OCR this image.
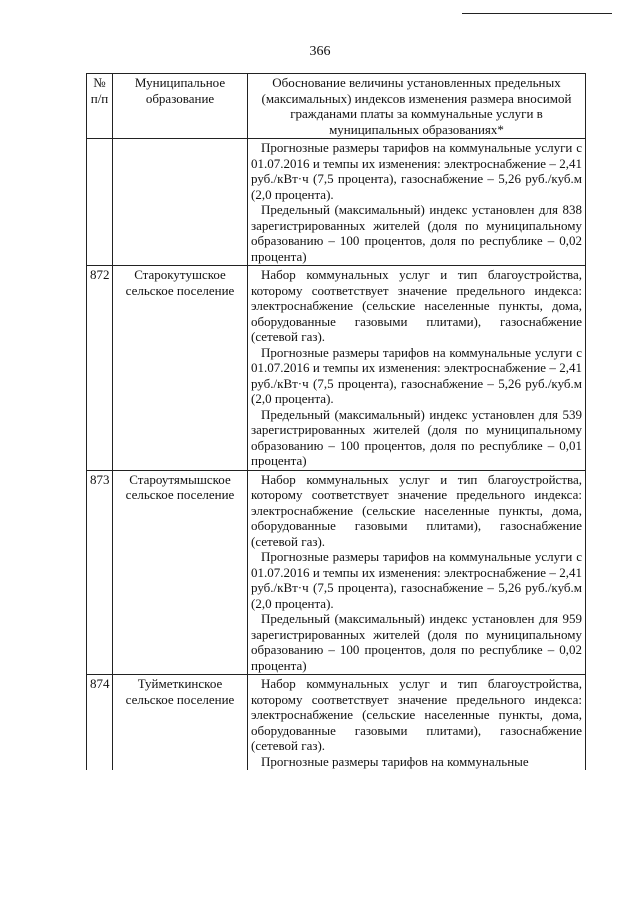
366
№ п/п	Муниципальное образование	Обоснование величины установленных предельных (максимальных) индексов изменения размера вносимой гражданами платы за коммунальные услуги в муниципальных образованиях*

		Прогнозные размеры тарифов на коммунальные услуги с 01.07.2016 и темпы их изменения: электроснабжение – 2,41 руб./кВт·ч (7,5 процента), газоснабжение – 5,26 руб./куб.м (2,0 процента).

Предельный (максимальный) индекс установлен для 838 зарегистрированных жителей (доля по муниципальному образованию – 100 процентов, доля по республике – 0,02 процента)

872	Старокутушское сельское поселение	Набор коммунальных услуг и тип благоустройства, которому соответствует значение предельного индекса: электроснабжение (сельские населенные пункты, дома, оборудованные газовыми плитами), газоснабжение (сетевой газ).

Прогнозные размеры тарифов на коммунальные услуги с 01.07.2016 и темпы их изменения: электроснабжение – 2,41 руб./кВт·ч (7,5 процента), газоснабжение – 5,26 руб./куб.м (2,0 процента).

Предельный (максимальный) индекс установлен для 539 зарегистрированных жителей (доля по муниципальному образованию – 100 процентов, доля по республике – 0,01 процента)

873	Староутямышское сельское поселение	Набор коммунальных услуг и тип благоустройства, которому соответствует значение предельного индекса: электроснабжение (сельские населенные пункты, дома, оборудованные газовыми плитами), газоснабжение (сетевой газ).

Прогнозные размеры тарифов на коммунальные услуги с 01.07.2016 и темпы их изменения: электроснабжение – 2,41 руб./кВт·ч (7,5 процента), газоснабжение – 5,26 руб./куб.м (2,0 процента).

Предельный (максимальный) индекс установлен для 959 зарегистрированных жителей (доля по муниципальному образованию – 100 процентов, доля по республике – 0,02 процента)

874	Туйметкинское сельское поселение	Набор коммунальных услуг и тип благоустройства, которому соответствует значение предельного индекса: электроснабжение (сельские населенные пункты, дома, оборудованные газовыми плитами), газоснабжение (сетевой газ).

Прогнозные размеры тарифов на коммунальные
